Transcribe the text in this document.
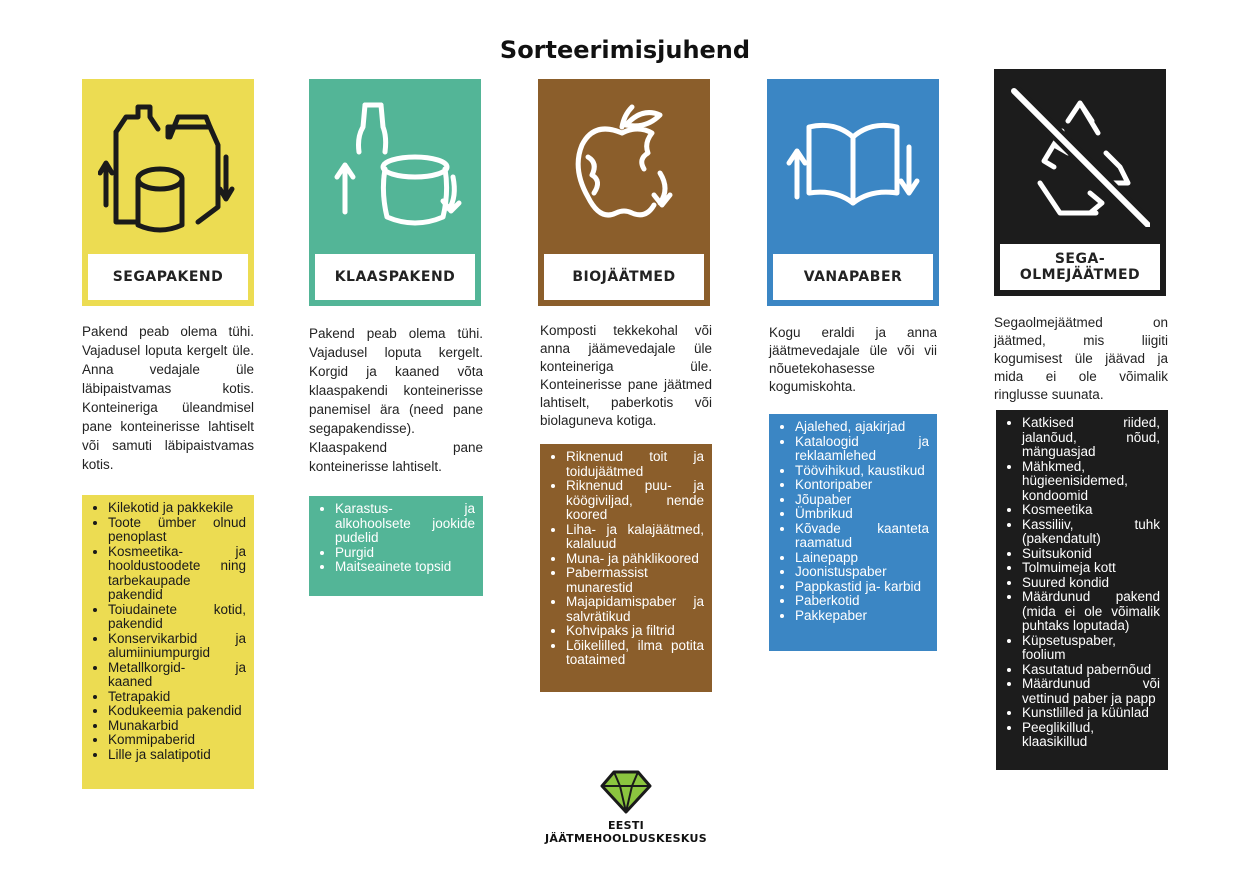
Sorteerimisjuhend
SEGAPAKEND
Pakend peab olema tühi. Vajadusel loputa kergelt üle. Anna vedajale üle läbipaistvamas kotis. Konteineriga üleandmisel pane konteinerisse lahtiselt või samuti läbipaistvamas kotis.
• Kilekotid ja pakkekile
• Toote ümber olnud penoplast
• Kosmeetika- ja hooldustoodete ning tarbekaupade pakendid
• Toiudainete kotid, pakendid
• Konservikarbid ja alumiiniumpurgid
• Metallkorgid- ja kaaned
• Tetrapakid
• Kodukeemia pakendid
• Munakarbid
• Kommipaberid
• Lille ja salatipotid
KLAASPAKEND
Pakend peab olema tühi. Vajadusel loputa kergelt. Korgid ja kaaned võta klaaspakendi konteinerisse panemisel ära (need pane segapakendisse). Klaaspakend pane konteinerisse lahtiselt.
• Karastus- ja alkohoolsete jookide pudelid
• Purgid
• Maitseainete topsid
BIOJÄÄTMED
Komposti tekkekohal või anna jäämevedajale üle konteineriga üle. Konteinerisse pane jäätmed lahtiselt, paberkotis või biolaguneva kotiga.
• Riknenud toit ja toidujäätmed
• Riknenud puu- ja köögiviljad, nende koored
• Liha- ja kalajäätmed, kalaluud
• Muna- ja pähklikoored
• Pabermassist munarestid
• Majapidamispaber ja salvrätikud
• Kohvipaks ja filtrid
• Lõikelilled, ilma potita toataimed
VANAPABER
Kogu eraldi ja anna jäätmevedajale üle või vii nõuetekohasesse kogumiskohta.
• Ajalehed, ajakirjad
• Kataloogid ja reklaamlehed
• Töövihikud, kaustikud
• Kontoripaber
• Jõupaber
• Ümbrikud
• Kõvade kaanteta raamatud
• Lainepapp
• Joonistuspaber
• Pappkastid ja- karbid
• Paberkotid
• Pakkepaber
SEGA-
OLMEJÄÄTMED
Segaolmejäätmed on jäätmed, mis liigiti kogumisest üle jäävad ja mida ei ole võimalik ringlusse suunata.
• Katkised riided, jalanõud, nõud, mänguasjad
• Mähkmed, hügieenisidemed, kondoomid
• Kosmeetika
• Kassiliiv, tuhk (pakendatult)
• Suitsukonid
• Tolmuimeja kott
• Suured kondid
• Määrdunud pakend (mida ei ole võimalik puhtaks loputada)
• Küpsetuspaber, foolium
• Kasutatud pabernõud
• Määrdunud või vettinud paber ja papp
• Kunstlilled ja küünlad
• Peeglikillud, klaasikillud
EESTI
JÄÄTMEHOOLDUSKESKUS
